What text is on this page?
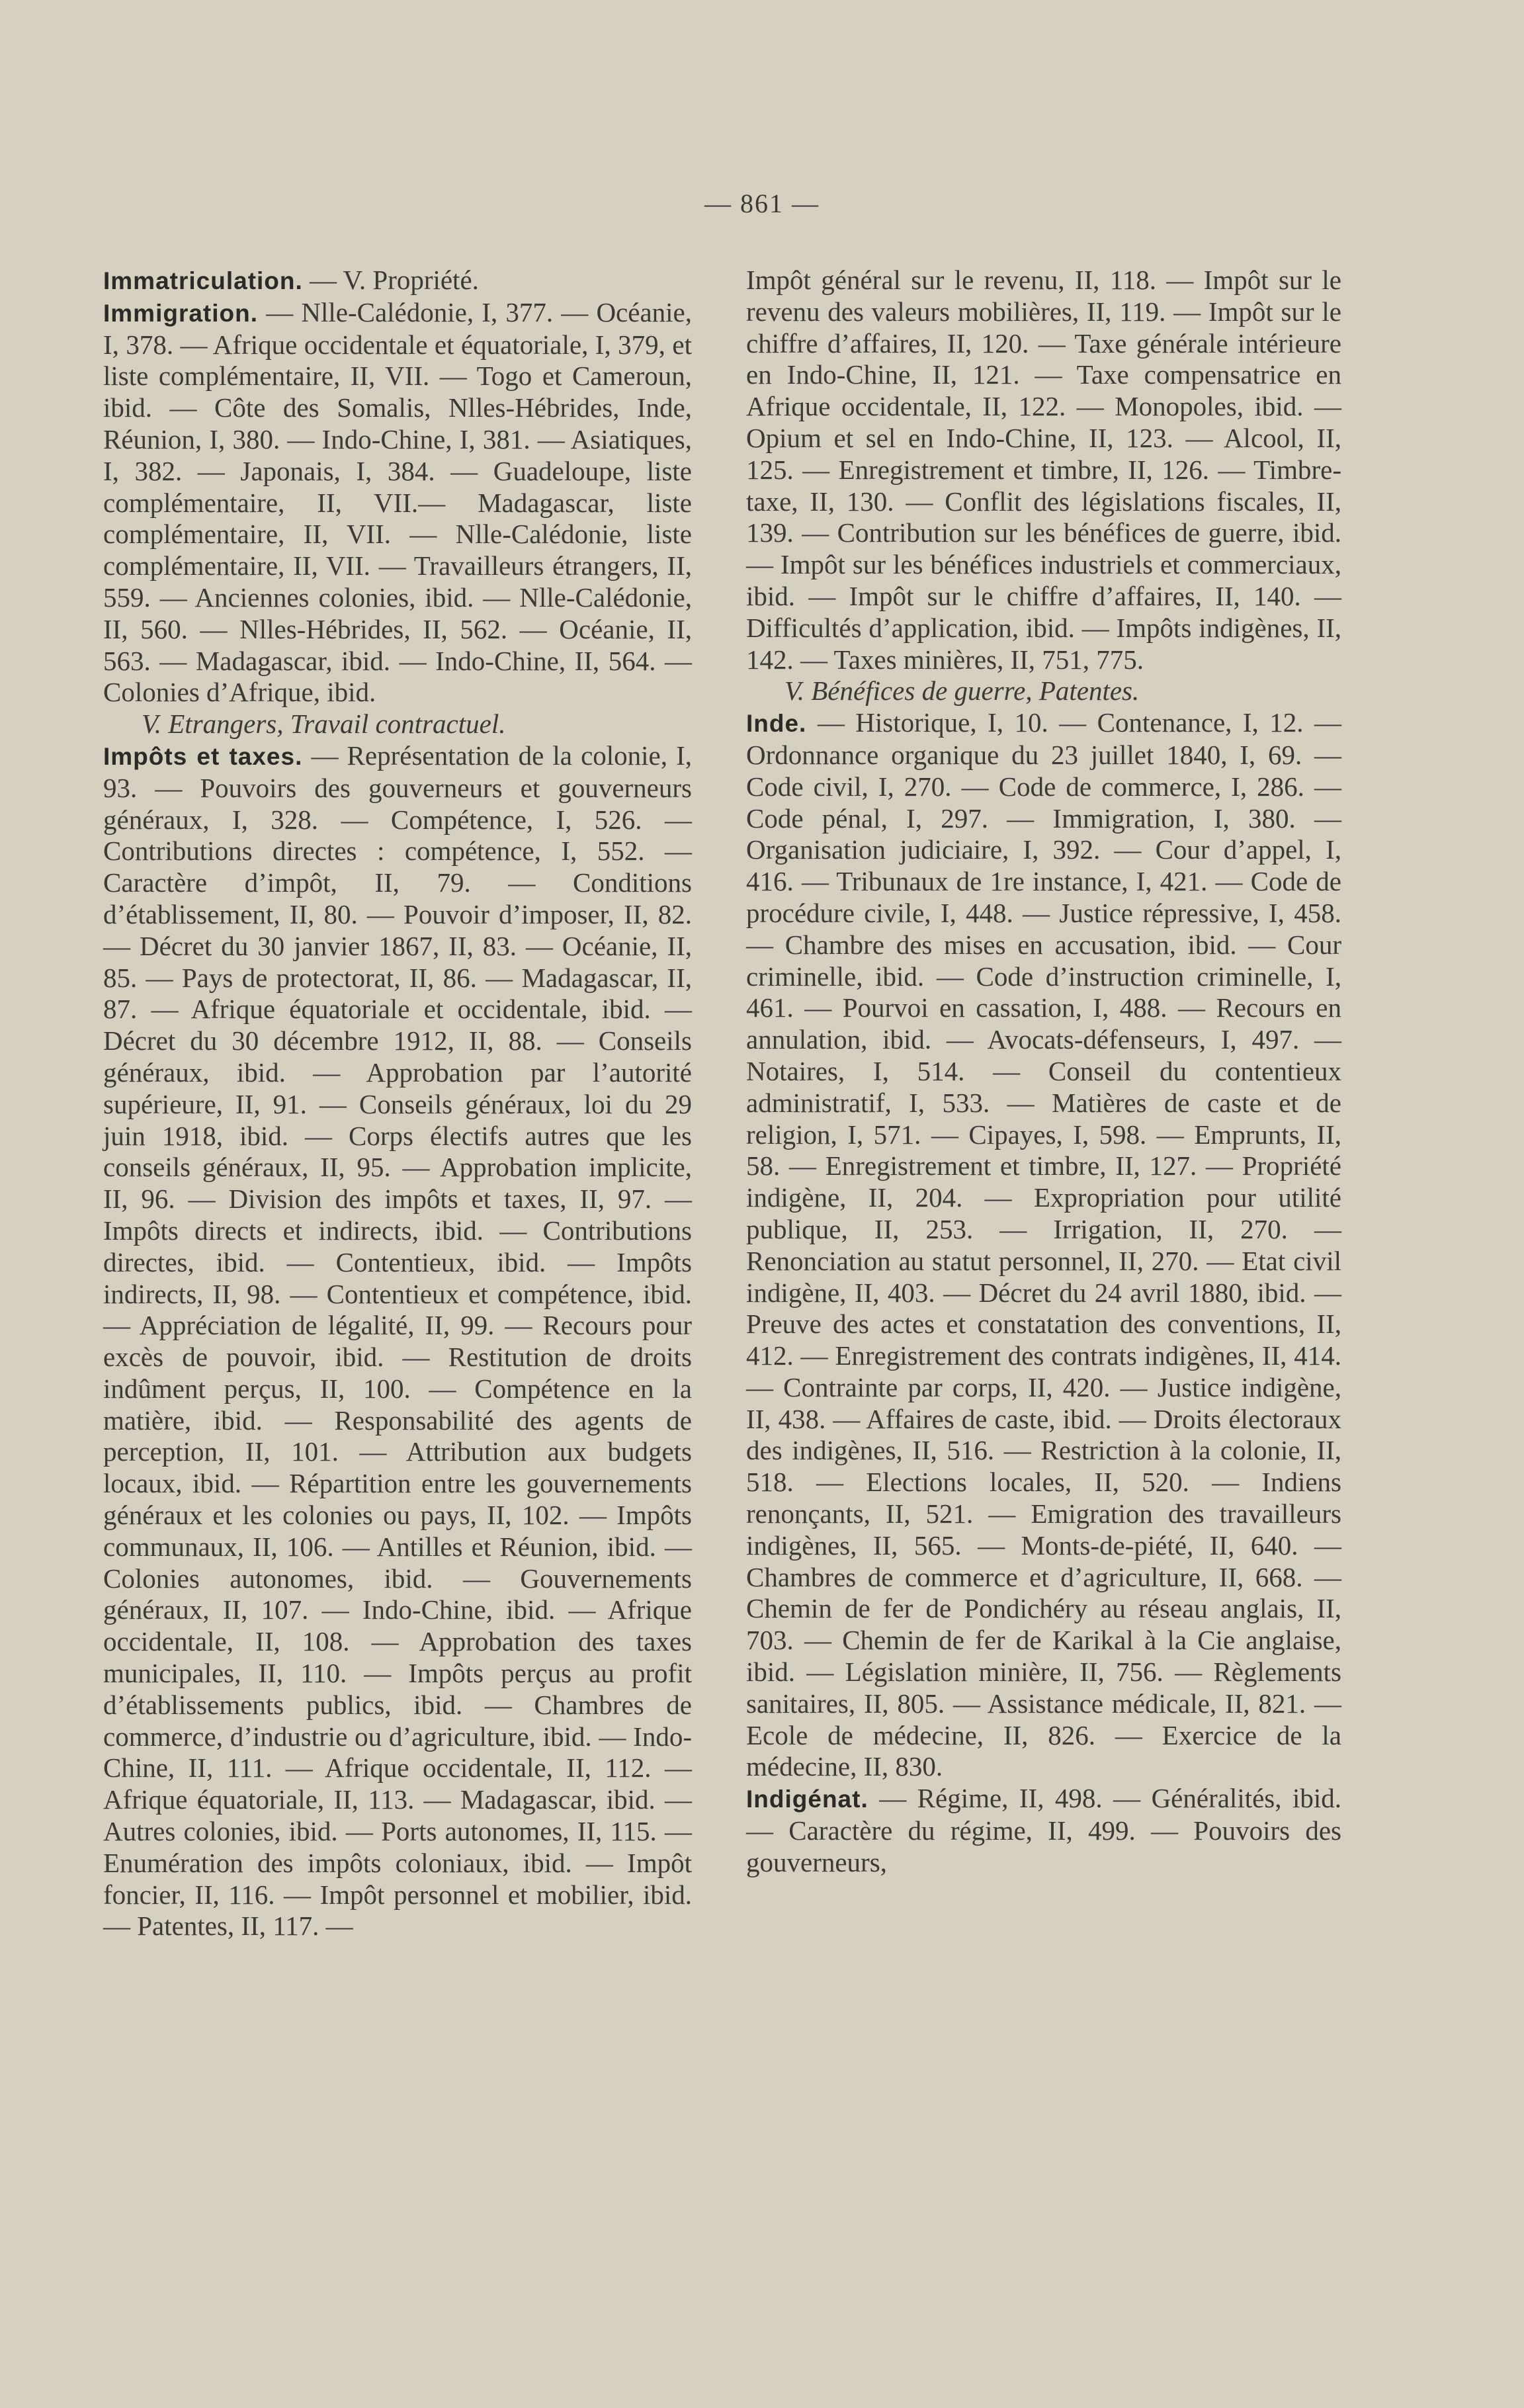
— 861 —

Immatriculation. — V. Propriété.

Immigration. — Nlle-Calédonie, I, 377. — Océanie, I, 378. — Afrique occidentale et équatoriale, I, 379, et liste complémentaire, II, VII. — Togo et Cameroun, ibid. — Côte des Somalis, Nlles-Hébrides, Inde, Réunion, I, 380. — Indo-Chine, I, 381. — Asiatiques, I, 382. — Japonais, I, 384. — Guadeloupe, liste complémentaire, II, VII.— Madagascar, liste complémentaire, II, VII. — Nlle-Calédonie, liste complémentaire, II, VII. — Travailleurs étrangers, II, 559. — Anciennes colonies, ibid. — Nlle-Calédonie, II, 560. — Nlles-Hébrides, II, 562. — Océanie, II, 563. — Madagascar, ibid. — Indo-Chine, II, 564. — Colonies d’Afrique, ibid.

V. Etrangers, Travail contractuel.

Impôts et taxes. — Représentation de la colonie, I, 93. — Pouvoirs des gouverneurs et gouverneurs généraux, I, 328. — Compétence, I, 526. — Contributions directes : compétence, I, 552. — Caractère d’impôt, II, 79. — Conditions d’établissement, II, 80. — Pouvoir d’imposer, II, 82. — Décret du 30 janvier 1867, II, 83. — Océanie, II, 85. — Pays de protectorat, II, 86. — Madagascar, II, 87. — Afrique équatoriale et occidentale, ibid. — Décret du 30 décembre 1912, II, 88. — Conseils généraux, ibid. — Approbation par l’autorité supérieure, II, 91. — Conseils généraux, loi du 29 juin 1918, ibid. — Corps électifs autres que les conseils généraux, II, 95. — Approbation implicite, II, 96. — Division des impôts et taxes, II, 97. — Impôts directs et indirects, ibid. — Contributions directes, ibid. — Contentieux, ibid. — Impôts indirects, II, 98. — Contentieux et compétence, ibid. — Appréciation de légalité, II, 99. — Recours pour excès de pouvoir, ibid. — Restitution de droits indûment perçus, II, 100. — Compétence en la matière, ibid. — Responsabilité des agents de perception, II, 101. — Attribution aux budgets locaux, ibid. — Répartition entre les gouvernements généraux et les colonies ou pays, II, 102. — Impôts communaux, II, 106. — Antilles et Réunion, ibid. — Colonies autonomes, ibid. — Gouvernements généraux, II, 107. — Indo-Chine, ibid. — Afrique occidentale, II, 108. — Approbation des taxes municipales, II, 110. — Impôts perçus au profit d’établissements publics, ibid. — Chambres de commerce, d’industrie ou d’agriculture, ibid. — Indo-Chine, II, 111. — Afrique occidentale, II, 112. — Afrique équatoriale, II, 113. — Madagascar, ibid. — Autres colonies, ibid. — Ports autonomes, II, 115. — Enumération des impôts coloniaux, ibid. — Impôt foncier, II, 116. — Impôt personnel et mobilier, ibid. — Patentes, II, 117. —

Impôt général sur le revenu, II, 118. — Impôt sur le revenu des valeurs mobilières, II, 119. — Impôt sur le chiffre d’affaires, II, 120. — Taxe générale intérieure en Indo-Chine, II, 121. — Taxe compensatrice en Afrique occidentale, II, 122. — Monopoles, ibid. — Opium et sel en Indo-Chine, II, 123. — Alcool, II, 125. — Enregistrement et timbre, II, 126. — Timbre-taxe, II, 130. — Conflit des législations fiscales, II, 139. — Contribution sur les bénéfices de guerre, ibid. — Impôt sur les bénéfices industriels et commerciaux, ibid. — Impôt sur le chiffre d’affaires, II, 140. — Difficultés d’application, ibid. — Impôts indigènes, II, 142. — Taxes minières, II, 751, 775.

V. Bénéfices de guerre, Patentes.

Inde. — Historique, I, 10. — Contenance, I, 12. — Ordonnance organique du 23 juillet 1840, I, 69. — Code civil, I, 270. — Code de commerce, I, 286. — Code pénal, I, 297. — Immigration, I, 380. — Organisation judiciaire, I, 392. — Cour d’appel, I, 416. — Tribunaux de 1re instance, I, 421. — Code de procédure civile, I, 448. — Justice répressive, I, 458. — Chambre des mises en accusation, ibid. — Cour criminelle, ibid. — Code d’instruction criminelle, I, 461. — Pourvoi en cassation, I, 488. — Recours en annulation, ibid. — Avocats-défenseurs, I, 497. — Notaires, I, 514. — Conseil du contentieux administratif, I, 533. — Matières de caste et de religion, I, 571. — Cipayes, I, 598. — Emprunts, II, 58. — Enregistrement et timbre, II, 127. — Propriété indigène, II, 204. — Expropriation pour utilité publique, II, 253. — Irrigation, II, 270. — Renonciation au statut personnel, II, 270. — Etat civil indigène, II, 403. — Décret du 24 avril 1880, ibid. — Preuve des actes et constatation des conventions, II, 412. — Enregistrement des contrats indigènes, II, 414. — Contrainte par corps, II, 420. — Justice indigène, II, 438. — Affaires de caste, ibid. — Droits électoraux des indigènes, II, 516. — Restriction à la colonie, II, 518. — Elections locales, II, 520. — Indiens renonçants, II, 521. — Emigration des travailleurs indigènes, II, 565. — Monts-de-piété, II, 640. — Chambres de commerce et d’agriculture, II, 668. — Chemin de fer de Pondichéry au réseau anglais, II, 703. — Chemin de fer de Karikal à la Cie anglaise, ibid. — Législation minière, II, 756. — Règlements sanitaires, II, 805. — Assistance médicale, II, 821. — Ecole de médecine, II, 826. — Exercice de la médecine, II, 830.

Indigénat. — Régime, II, 498. — Généralités, ibid. — Caractère du régime, II, 499. — Pouvoirs des gouverneurs,
